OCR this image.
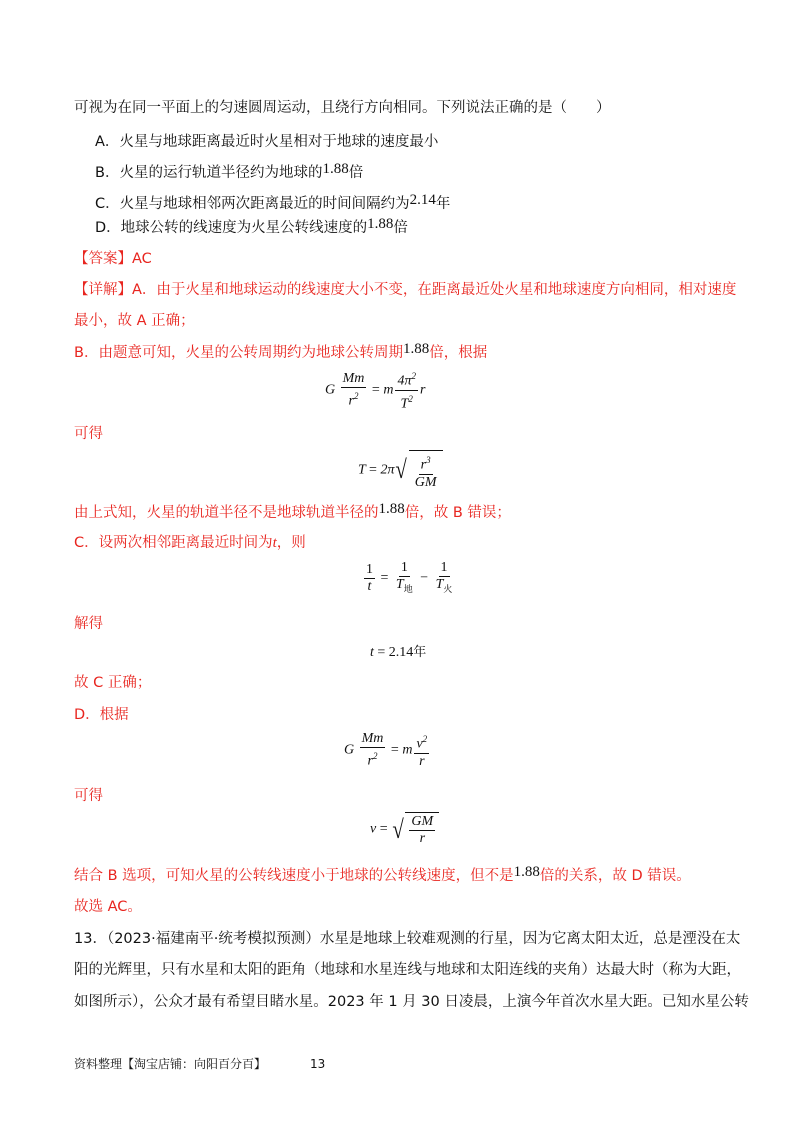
可视为在同一平面上的匀速圆周运动，且绕行方向相同。下列说法正确的是（　　）
A．火星与地球距离最近时火星相对于地球的速度最小
B．火星的运行轨道半径约为地球的1.88倍
C．火星与地球相邻两次距离最近的时间间隔约为2.14年
D．地球公转的线速度为火星公转线速度的1.88倍
【答案】AC
【详解】A．由于火星和地球运动的线速度大小不变，在距离最近处火星和地球速度方向相同，相对速度
最小，故 A 正确；
B．由题意可知，火星的公转周期约为地球公转周期1.88倍，根据
G $\frac{Mm}{r^2} = m \frac{4\pi^2}{T^2}$ r
可得
T = 2π √ $\frac{r^3}{GM}$
由上式知，火星的轨道半径不是地球轨道半径的1.88倍，故 B 错误；
C．设两次相邻距离最近时间为t，则
$\frac{1}{t} = \frac{1}{T_地} - \frac{1}{T_火}$
解得
t = 2.14年
故 C 正确；
D．根据
G $\frac{Mm}{r^2} = m \frac{v^2}{r}$
可得
v = √ $\frac{GM}{r}$
结合 B 选项，可知火星的公转线速度小于地球的公转线速度，但不是1.88倍的关系，故 D 错误。
故选 AC。
13．（2023·福建南平·统考模拟预测）水星是地球上较难观测的行星，因为它离太阳太近，总是湮没在太
阳的光辉里，只有水星和太阳的距角（地球和水星连线与地球和太阳连线的夹角）达最大时（称为大距，
如图所示），公众才最有希望目睹水星。2023 年 1 月 30 日凌晨，上演今年首次水星大距。已知水星公转
资料整理【淘宝店铺：向阳百分百】	13
